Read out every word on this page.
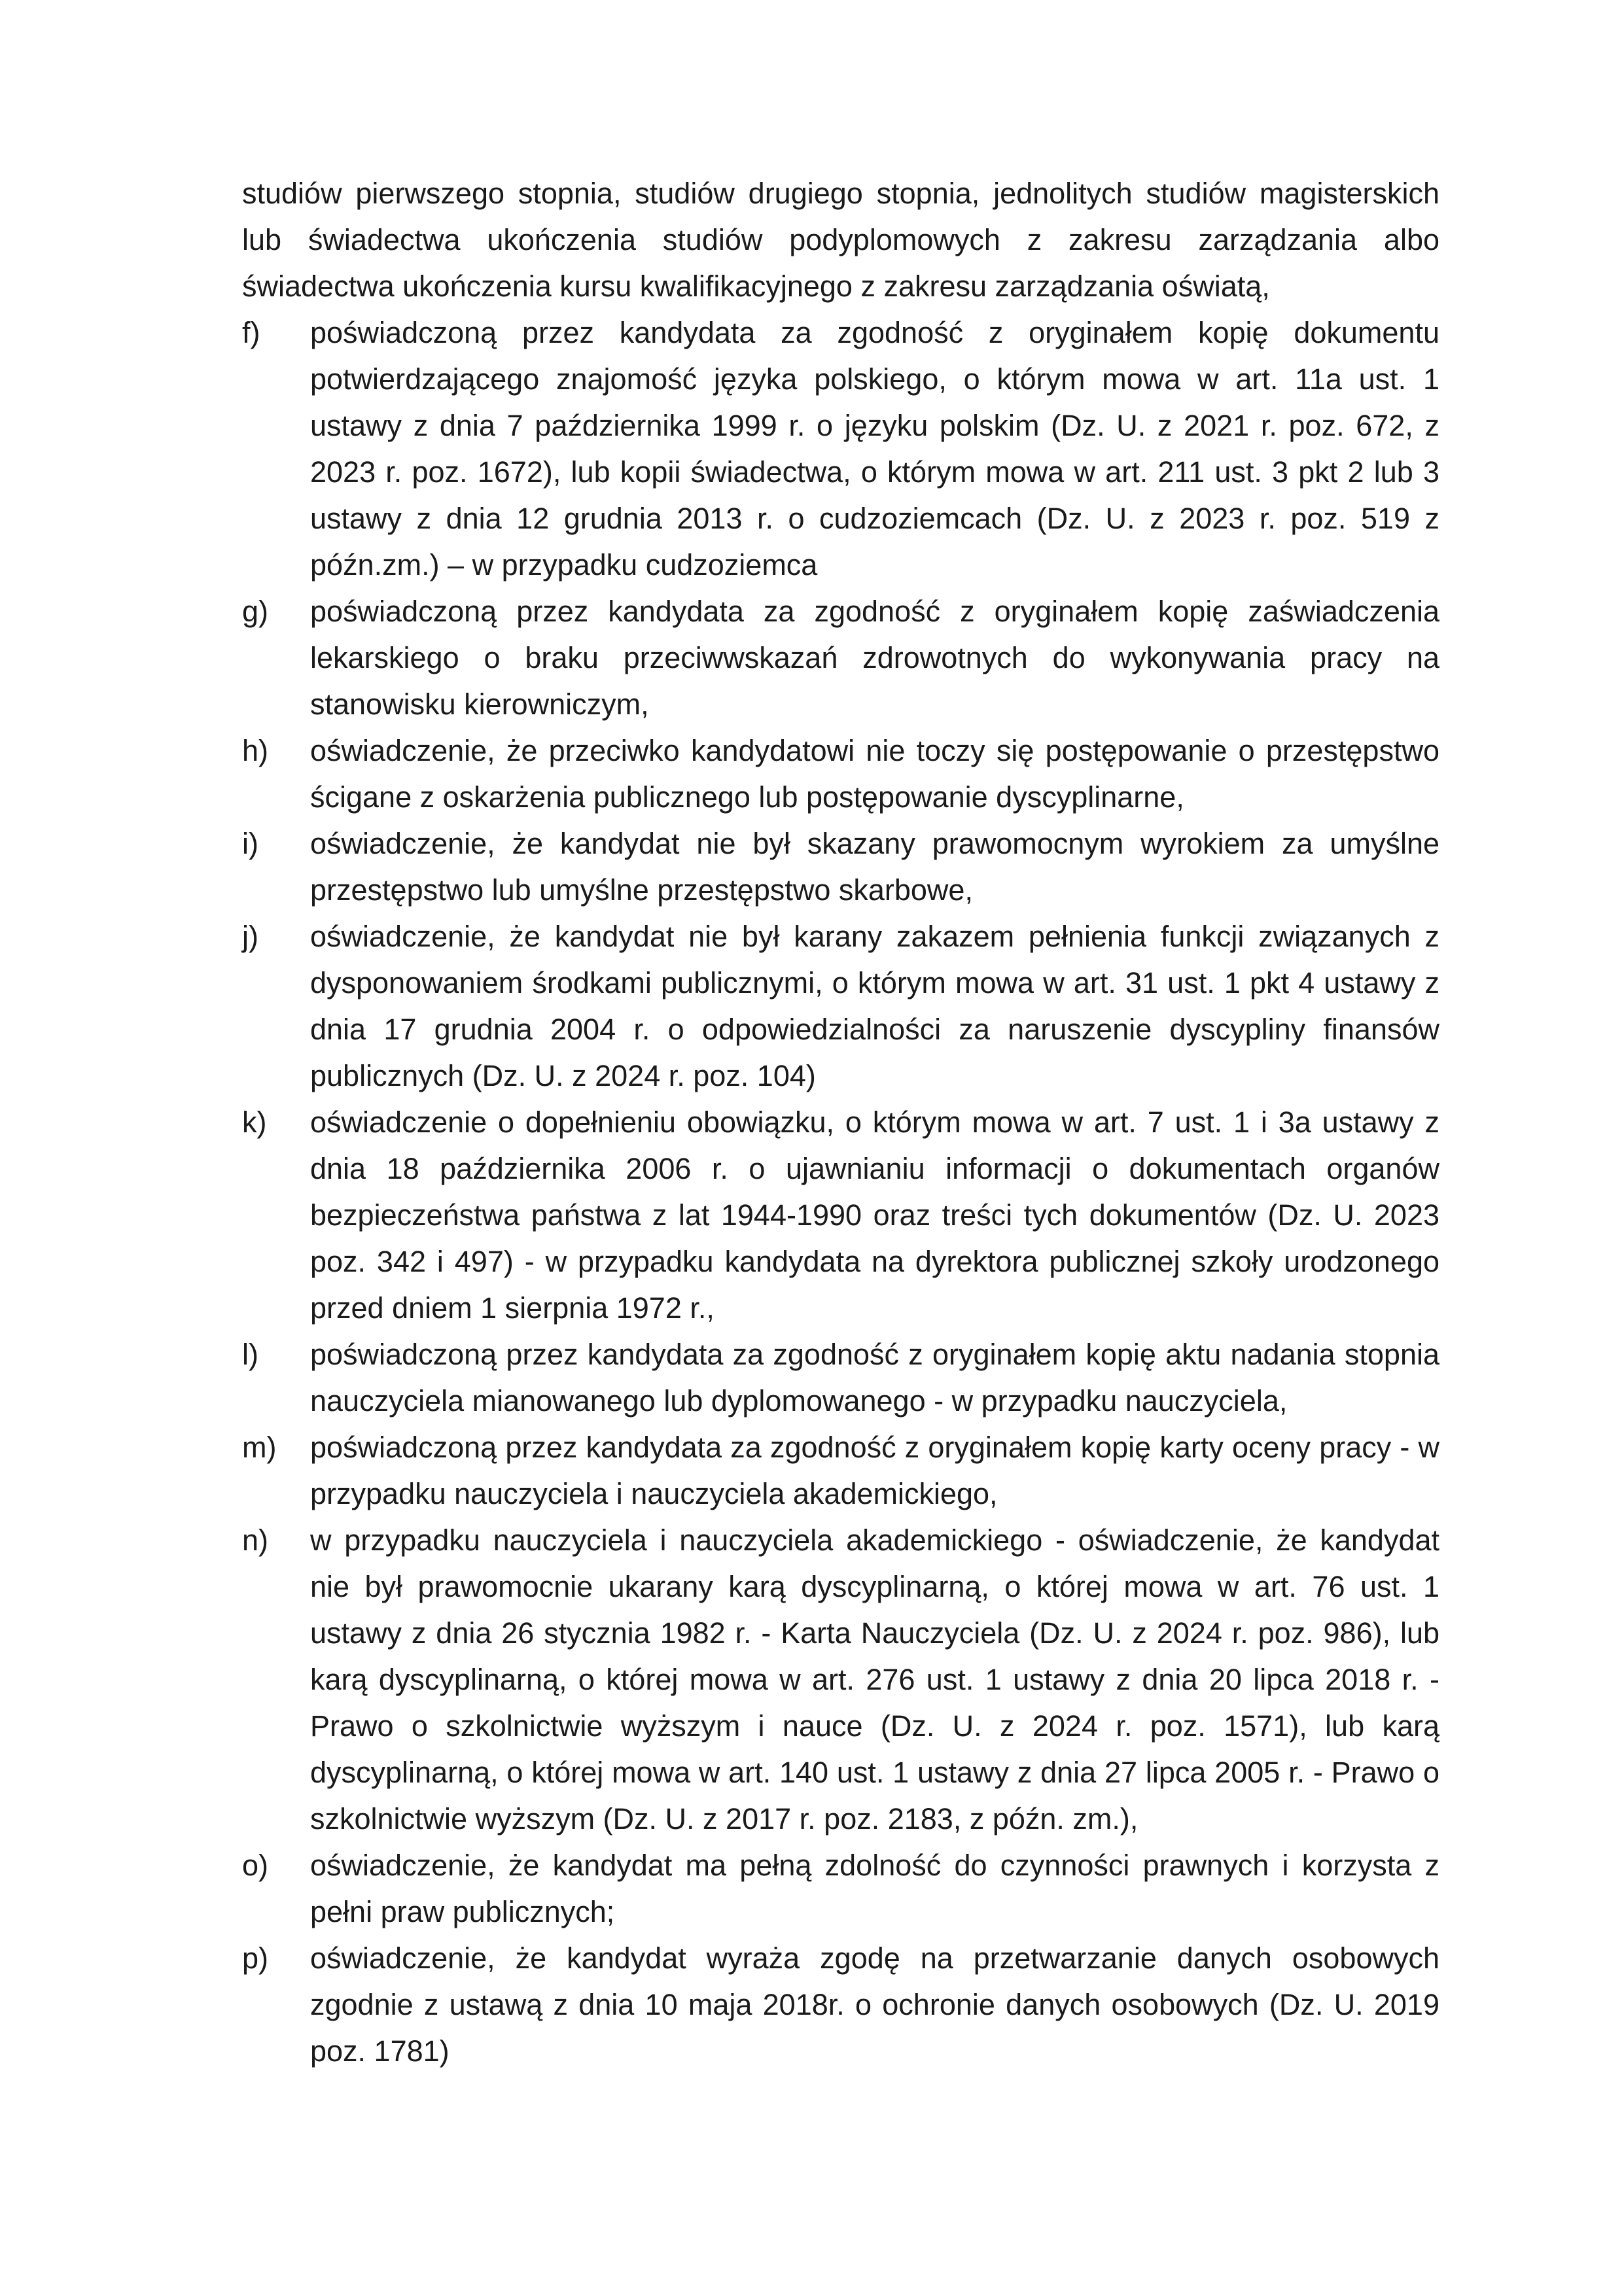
studiów pierwszego stopnia, studiów drugiego stopnia, jednolitych studiów magisterskich lub świadectwa ukończenia studiów podyplomowych z zakresu zarządzania albo świadectwa ukończenia kursu kwalifikacyjnego z zakresu zarządzania oświatą,

f)	poświadczoną przez kandydata za zgodność z oryginałem kopię dokumentu potwierdzającego znajomość języka polskiego, o którym mowa w art. 11a ust. 1 ustawy z dnia 7 października 1999 r. o języku polskim (Dz. U. z 2021 r. poz. 672, z 2023 r. poz. 1672), lub kopii świadectwa, o którym mowa w art. 211 ust. 3 pkt 2 lub 3 ustawy z dnia 12 grudnia 2013 r. o cudzoziemcach (Dz. U. z 2023 r. poz. 519 z późn.zm.) – w przypadku cudzoziemca
g)	poświadczoną przez kandydata za zgodność z oryginałem kopię zaświadczenia lekarskiego o braku przeciwwskazań zdrowotnych do wykonywania pracy na stanowisku kierowniczym,
h)	oświadczenie, że przeciwko kandydatowi nie toczy się postępowanie o przestępstwo ścigane z oskarżenia publicznego lub postępowanie dyscyplinarne,
i)	oświadczenie, że kandydat nie był skazany prawomocnym wyrokiem za umyślne przestępstwo lub umyślne przestępstwo skarbowe,
j)	oświadczenie, że kandydat nie był karany zakazem pełnienia funkcji związanych z dysponowaniem środkami publicznymi, o którym mowa w art. 31 ust. 1 pkt 4 ustawy z dnia 17 grudnia 2004 r. o odpowiedzialności za naruszenie dyscypliny finansów publicznych (Dz. U. z 2024 r. poz. 104)
k)	oświadczenie o dopełnieniu obowiązku, o którym mowa w art. 7 ust. 1 i 3a ustawy z dnia 18 października 2006 r. o ujawnianiu informacji o dokumentach organów bezpieczeństwa państwa z lat 1944-1990 oraz treści tych dokumentów (Dz. U. 2023 poz. 342 i 497) - w przypadku kandydata na dyrektora publicznej szkoły urodzonego przed dniem 1 sierpnia 1972 r.,
l)	poświadczoną przez kandydata za zgodność z oryginałem kopię aktu nadania stopnia nauczyciela mianowanego lub dyplomowanego - w przypadku nauczyciela,
m)	poświadczoną przez kandydata za zgodność z oryginałem kopię karty oceny pracy - w przypadku nauczyciela i nauczyciela akademickiego,
n)	w przypadku nauczyciela i nauczyciela akademickiego - oświadczenie, że kandydat nie był prawomocnie ukarany karą dyscyplinarną, o której mowa w art. 76 ust. 1 ustawy z dnia 26 stycznia 1982 r. - Karta Nauczyciela (Dz. U. z 2024 r. poz. 986), lub karą dyscyplinarną, o której mowa w art. 276 ust. 1 ustawy z dnia 20 lipca 2018 r. - Prawo o szkolnictwie wyższym i nauce (Dz. U. z 2024 r. poz. 1571), lub karą dyscyplinarną, o której mowa w art. 140 ust. 1 ustawy z dnia 27 lipca 2005 r. - Prawo o szkolnictwie wyższym (Dz. U. z 2017 r. poz. 2183, z późn. zm.),
o)	oświadczenie, że kandydat ma pełną zdolność do czynności prawnych i korzysta z pełni praw publicznych;
p)	oświadczenie, że kandydat wyraża zgodę na przetwarzanie danych osobowych zgodnie z ustawą z dnia 10 maja 2018r. o ochronie danych osobowych (Dz. U. 2019 poz. 1781)
